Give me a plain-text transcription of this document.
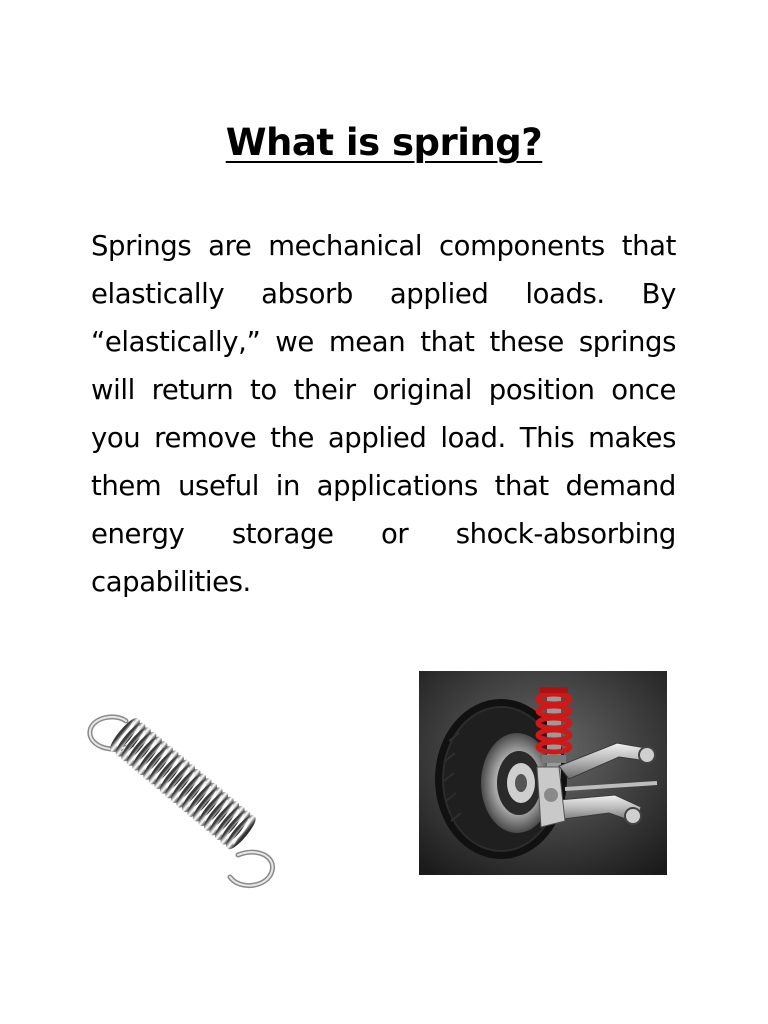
What is spring?

Springs are mechanical components that elastically absorb applied loads. By “elastically,” we mean that these springs will return to their original position once you remove the applied load. This makes them useful in applications that demand energy storage or shock-absorbing capabilities.
